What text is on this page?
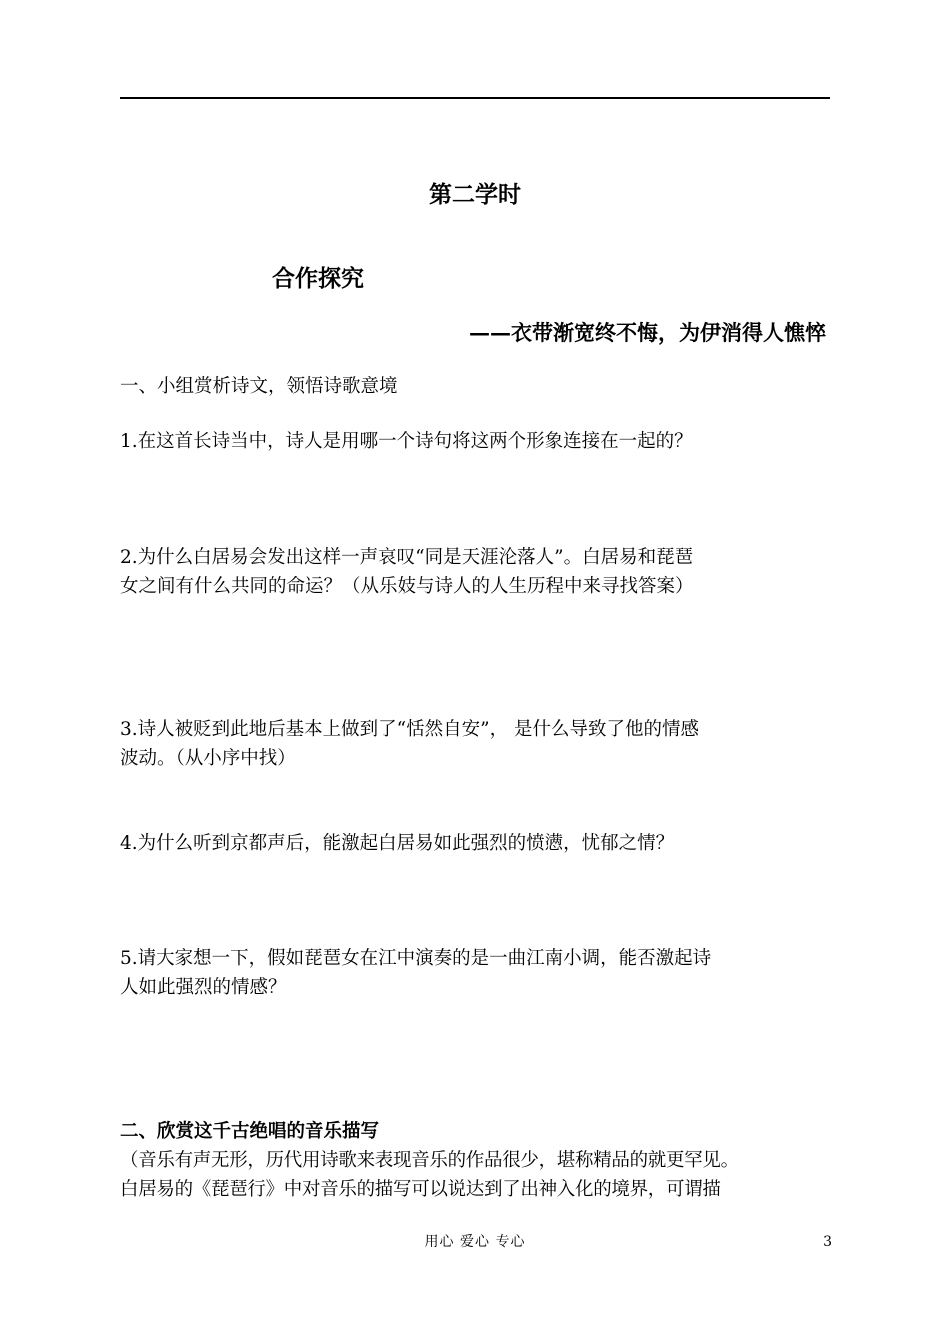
第二学时
合作探究
——衣带渐宽终不悔，为伊消得人憔悴
一、小组赏析诗文，领悟诗歌意境
1.在这首长诗当中，诗人是用哪一个诗句将这两个形象连接在一起的？
2.为什么白居易会发出这样一声哀叹“同是天涯沦落人”。白居易和琵琶
女之间有什么共同的命运？（从乐妓与诗人的人生历程中来寻找答案）
3.诗人被贬到此地后基本上做到了“恬然自安”， 是什么导致了他的情感
波动。（从小序中找）
4.为什么听到京都声后，能激起白居易如此强烈的愤懑，忧郁之情？
5.请大家想一下，假如琵琶女在江中演奏的是一曲江南小调，能否激起诗
人如此强烈的情感？
二、欣赏这千古绝唱的音乐描写
（音乐有声无形，历代用诗歌来表现音乐的作品很少，堪称精品的就更罕见。
白居易的《琵琶行》中对音乐的描写可以说达到了出神入化的境界，可谓描
用心 爱心 专心	3
